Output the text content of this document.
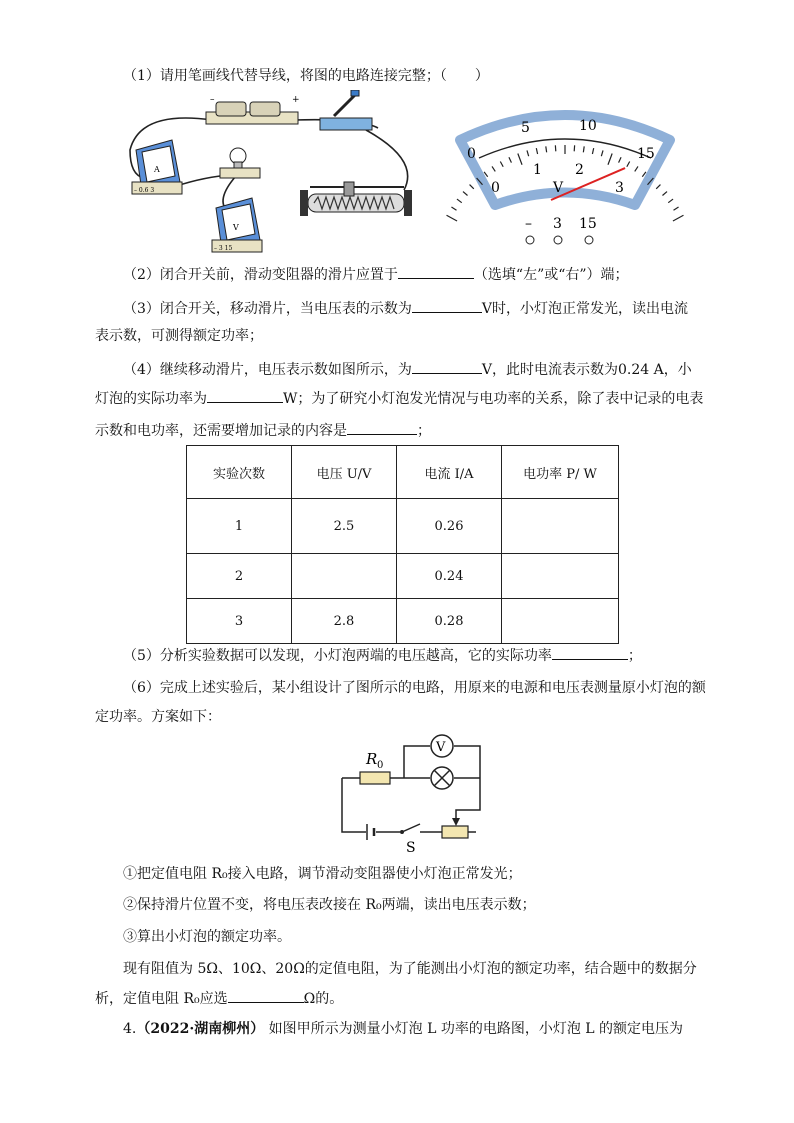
（1）请用笔画线代替导线，将图的电路连接完整；（　　）
–	+
A
– 0.6 3
V
– 3 15
0
5	10
15
0
1 2
3
V
– 3 15
（2）闭合开关前，滑动变阻器的滑片应置于	（选填“左”或“右”）端；
（3）闭合开关，移动滑片，当电压表的示数为	V时，小灯泡正常发光，读出电流
表示数，可测得额定功率；
（4）继续移动滑片，电压表示数如图所示，为	V，此时电流表示数为0.24 A，小
灯泡的实际功率为	W；为了研究小灯泡发光情况与电功率的关系，除了表中记录的电表
示数和电功率，还需要增加记录的内容是	；
实验次数	电压 U/V	电流 I/A	电功率 P/ W
1	2.5	0.26	
2		0.24	
3	2.8	0.28	
（5）分析实验数据可以发现，小灯泡两端的电压越高，它的实际功率	；
（6）完成上述实验后，某小组设计了图所示的电路，用原来的电源和电压表测量原小灯泡的额
定功率。方案如下：
R 0
V
S
①把定值电阻 R₀接入电路，调节滑动变阻器使小灯泡正常发光；
②保持滑片位置不变，将电压表改接在 R₀两端，读出电压表示数；
③算出小灯泡的额定功率。
现有阻值为 5Ω、10Ω、20Ω的定值电阻，为了能测出小灯泡的额定功率，结合题中的数据分
析，定值电阻 R₀应选	Ω的。
4.（2022·湖南柳州） 如图甲所示为测量小灯泡 L 功率的电路图，小灯泡 L 的额定电压为
